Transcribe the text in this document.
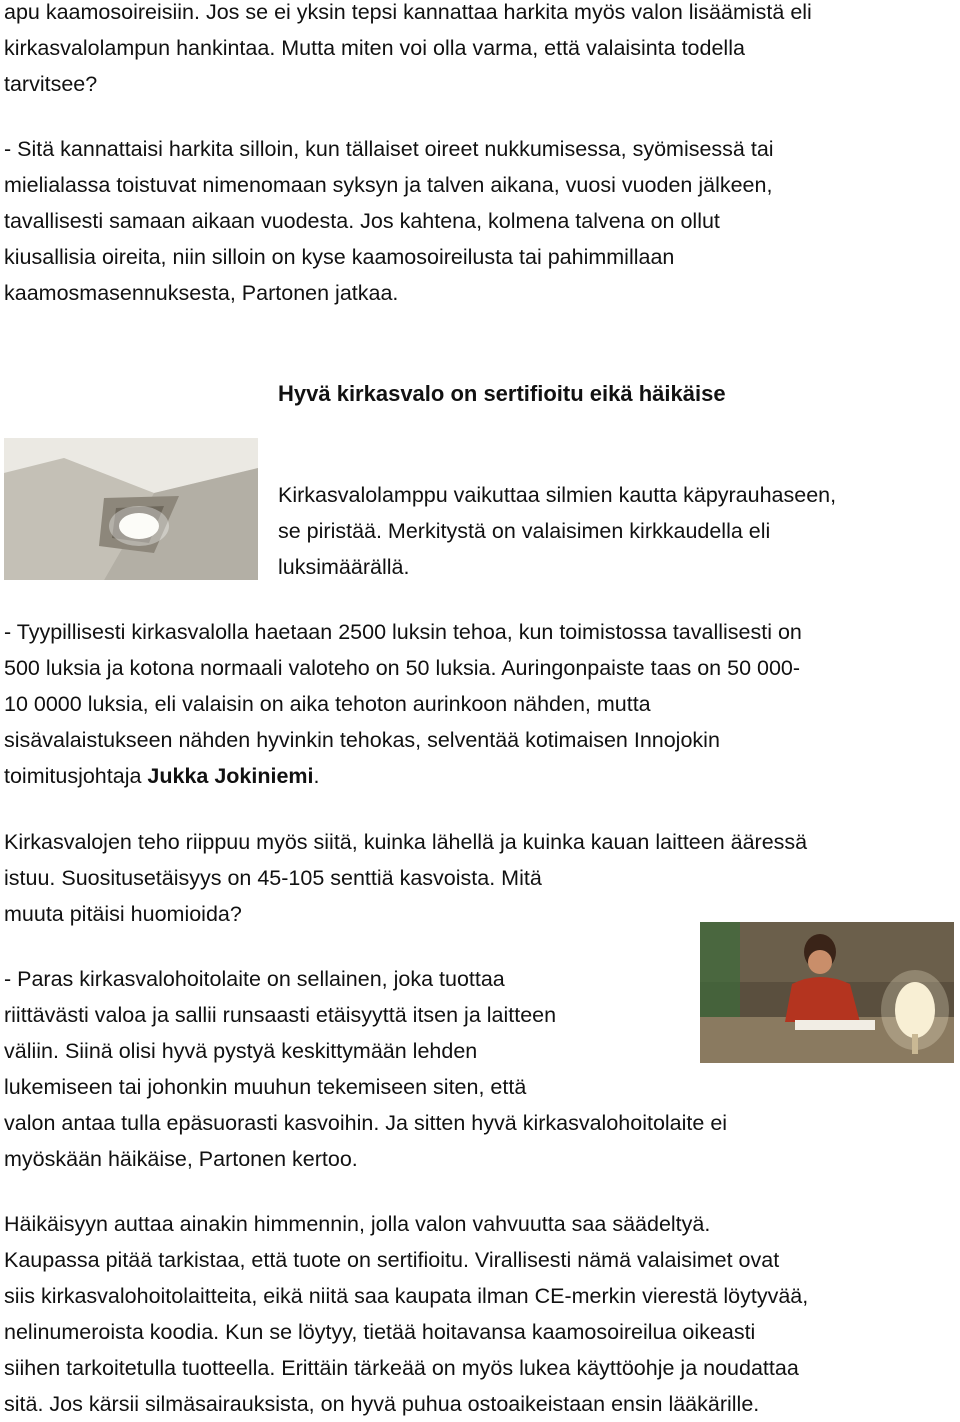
apu kaamosoireisiin. Jos se ei yksin tepsi kannattaa harkita myös valon lisäämistä eli
kirkasvalolampun hankintaa. Mutta miten voi olla varma, että valaisinta todella
tarvitsee?
- Sitä kannattaisi harkita silloin, kun tällaiset oireet nukkumisessa, syömisessä tai
mielialassa toistuvat nimenomaan syksyn ja talven aikana, vuosi vuoden jälkeen,
tavallisesti samaan aikaan vuodesta. Jos kahtena, kolmena talvena on ollut
kiusallisia oireita, niin silloin on kyse kaamosoireilusta tai pahimmillaan
kaamosmasennuksesta, Partonen jatkaa.
Hyvä kirkasvalo on sertifioitu eikä häikäise
Kirkasvalolamppu vaikuttaa silmien kautta käpyrauhaseen,
se piristää. Merkitystä on valaisimen kirkkaudella eli
luksimäärällä.
- Tyypillisesti kirkasvalolla haetaan 2500 luksin tehoa, kun toimistossa tavallisesti on
500 luksia ja kotona normaali valoteho on 50 luksia. Auringonpaiste taas on 50 000-
10 0000 luksia, eli valaisin on aika tehoton aurinkoon nähden, mutta
sisävalaistukseen nähden hyvinkin tehokas, selventää kotimaisen Innojokin
toimitusjohtaja Jukka Jokiniemi.
Kirkasvalojen teho riippuu myös siitä, kuinka lähellä ja kuinka kauan laitteen ääressä
istuu. Suositusetäisyys on 45-105 senttiä kasvoista. Mitä
muuta pitäisi huomioida?
- Paras kirkasvalohoitolaite on sellainen, joka tuottaa
riittävästi valoa ja sallii runsaasti etäisyyttä itsen ja laitteen
väliin. Siinä olisi hyvä pystyä keskittymään lehden
lukemiseen tai johonkin muuhun tekemiseen siten, että
valon antaa tulla epäsuorasti kasvoihin. Ja sitten hyvä kirkasvalohoitolaite ei
myöskään häikäise, Partonen kertoo.
Häikäisyyn auttaa ainakin himmennin, jolla valon vahvuutta saa säädeltyä.
Kaupassa pitää tarkistaa, että tuote on sertifioitu. Virallisesti nämä valaisimet ovat
siis kirkasvalohoitolaitteita, eikä niitä saa kaupata ilman CE-merkin vierestä löytyvää,
nelinumeroista koodia. Kun se löytyy, tietää hoitavansa kaamosoireilua oikeasti
siihen tarkoitetulla tuotteella. Erittäin tärkeää on myös lukea käyttöohje ja noudattaa
sitä. Jos kärsii silmäsairauksista, on hyvä puhua ostoaikeistaan ensin lääkärille.
